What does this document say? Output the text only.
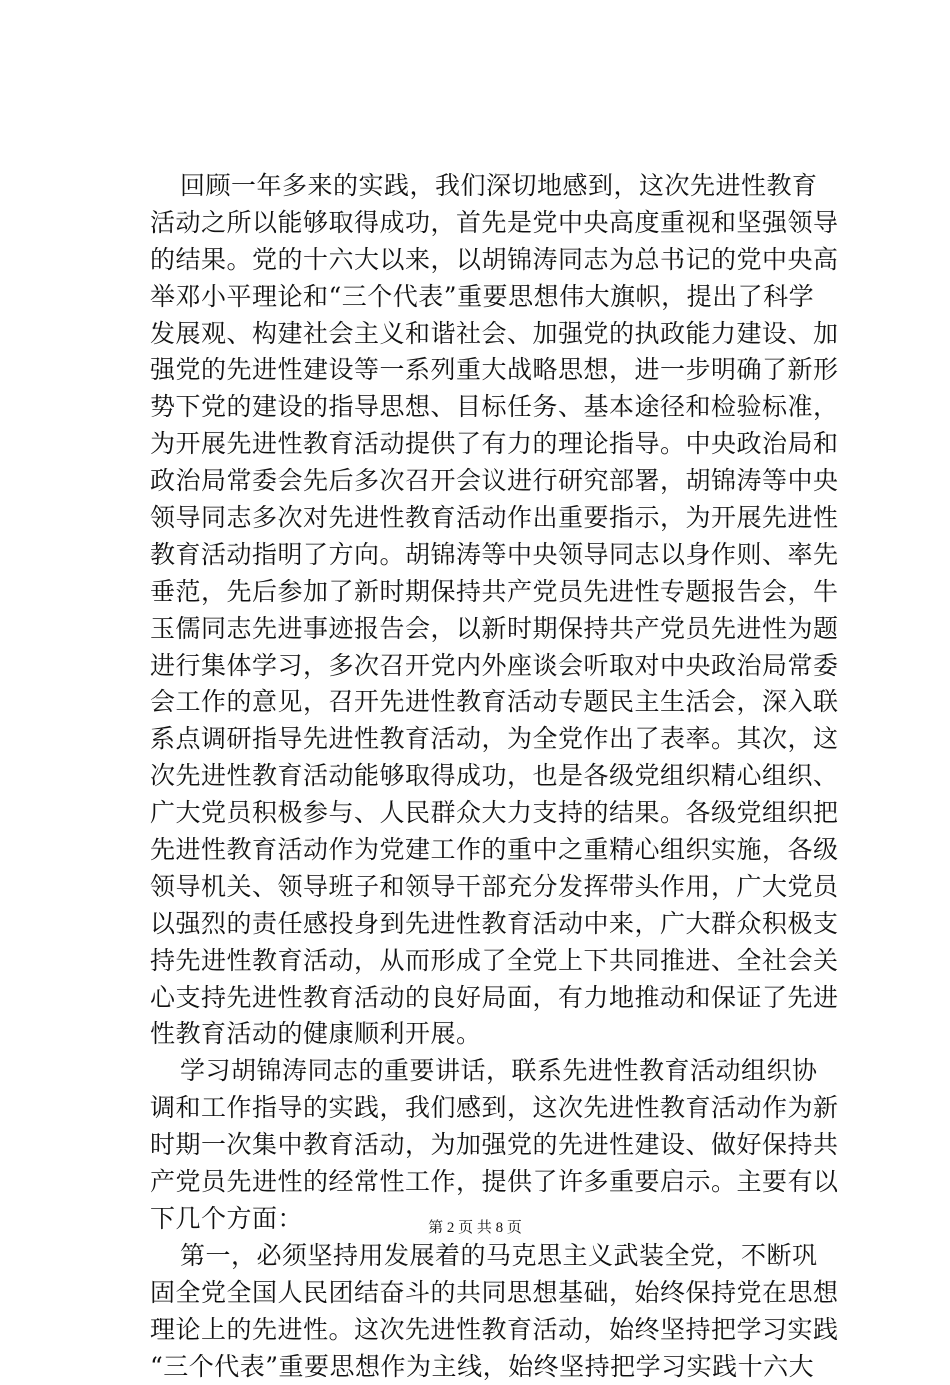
回顾一年多来的实践，我们深切地感到，这次先进性教育
活动之所以能够取得成功，首先是党中央高度重视和坚强领导
的结果。党的十六大以来，以胡锦涛同志为总书记的党中央高
举邓小平理论和“三个代表”重要思想伟大旗帜，提出了科学
发展观、构建社会主义和谐社会、加强党的执政能力建设、加
强党的先进性建设等一系列重大战略思想，进一步明确了新形
势下党的建设的指导思想、目标任务、基本途径和检验标准，
为开展先进性教育活动提供了有力的理论指导。中央政治局和
政治局常委会先后多次召开会议进行研究部署，胡锦涛等中央
领导同志多次对先进性教育活动作出重要指示，为开展先进性
教育活动指明了方向。胡锦涛等中央领导同志以身作则、率先
垂范，先后参加了新时期保持共产党员先进性专题报告会，牛
玉儒同志先进事迹报告会，以新时期保持共产党员先进性为题
进行集体学习，多次召开党内外座谈会听取对中央政治局常委
会工作的意见，召开先进性教育活动专题民主生活会，深入联
系点调研指导先进性教育活动，为全党作出了表率。其次，这
次先进性教育活动能够取得成功，也是各级党组织精心组织、
广大党员积极参与、人民群众大力支持的结果。各级党组织把
先进性教育活动作为党建工作的重中之重精心组织实施，各级
领导机关、领导班子和领导干部充分发挥带头作用，广大党员
以强烈的责任感投身到先进性教育活动中来，广大群众积极支
持先进性教育活动，从而形成了全党上下共同推进、全社会关
心支持先进性教育活动的良好局面，有力地推动和保证了先进
性教育活动的健康顺利开展。
学习胡锦涛同志的重要讲话，联系先进性教育活动组织协
调和工作指导的实践，我们感到，这次先进性教育活动作为新
时期一次集中教育活动，为加强党的先进性建设、做好保持共
产党员先进性的经常性工作，提供了许多重要启示。主要有以
下几个方面：
第一，必须坚持用发展着的马克思主义武装全党，不断巩
固全党全国人民团结奋斗的共同思想基础，始终保持党在思想
理论上的先进性。这次先进性教育活动，始终坚持把学习实践
“三个代表”重要思想作为主线，始终坚持把学习实践十六大
第 2 页 共 8 页
